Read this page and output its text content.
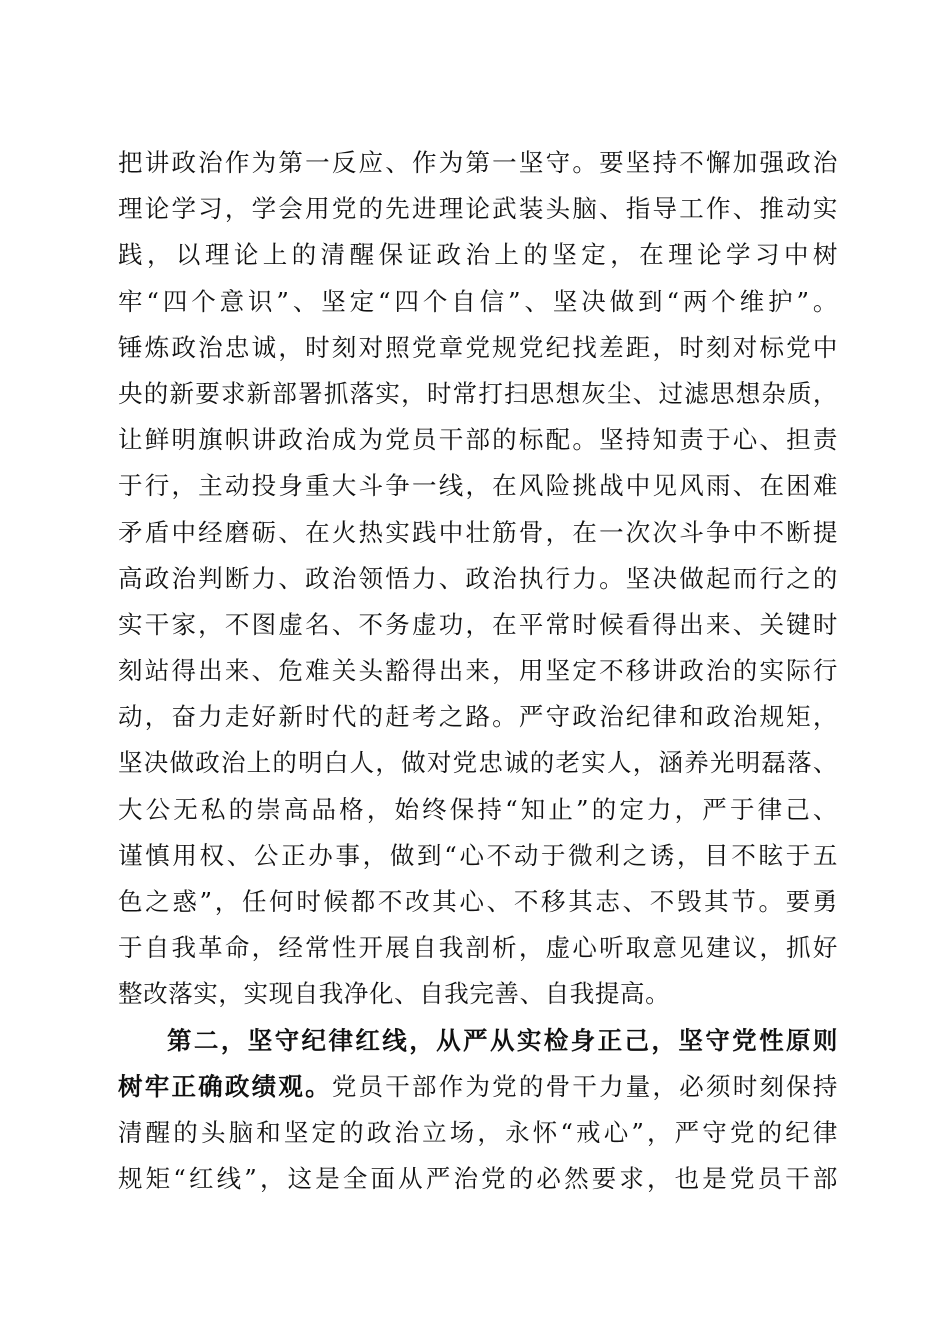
把讲政治作为第一反应、作为第一坚守。要坚持不懈加强政治
理论学习，学会用党的先进理论武装头脑、指导工作、推动实
践，以理论上的清醒保证政治上的坚定，在理论学习中树
牢“四个意识”、坚定“四个自信”、坚决做到“两个维护”。
锤炼政治忠诚，时刻对照党章党规党纪找差距，时刻对标党中
央的新要求新部署抓落实，时常打扫思想灰尘、过滤思想杂质，
让鲜明旗帜讲政治成为党员干部的标配。坚持知责于心、担责
于行，主动投身重大斗争一线，在风险挑战中见风雨、在困难
矛盾中经磨砺、在火热实践中壮筋骨，在一次次斗争中不断提
高政治判断力、政治领悟力、政治执行力。坚决做起而行之的
实干家，不图虚名、不务虚功，在平常时候看得出来、关键时
刻站得出来、危难关头豁得出来，用坚定不移讲政治的实际行
动，奋力走好新时代的赶考之路。严守政治纪律和政治规矩，
坚决做政治上的明白人，做对党忠诚的老实人，涵养光明磊落、
大公无私的崇高品格，始终保持“知止”的定力，严于律己、
谨慎用权、公正办事，做到“心不动于微利之诱，目不眩于五
色之惑”，任何时候都不改其心、不移其志、不毁其节。要勇
于自我革命，经常性开展自我剖析，虚心听取意见建议，抓好
整改落实，实现自我净化、自我完善、自我提高。
第二，坚守纪律红线，从严从实检身正己，坚守党性原则
树牢正确政绩观。党员干部作为党的骨干力量，必须时刻保持
清醒的头脑和坚定的政治立场，永怀“戒心”，严守党的纪律
规矩“红线”，这是全面从严治党的必然要求，也是党员干部
